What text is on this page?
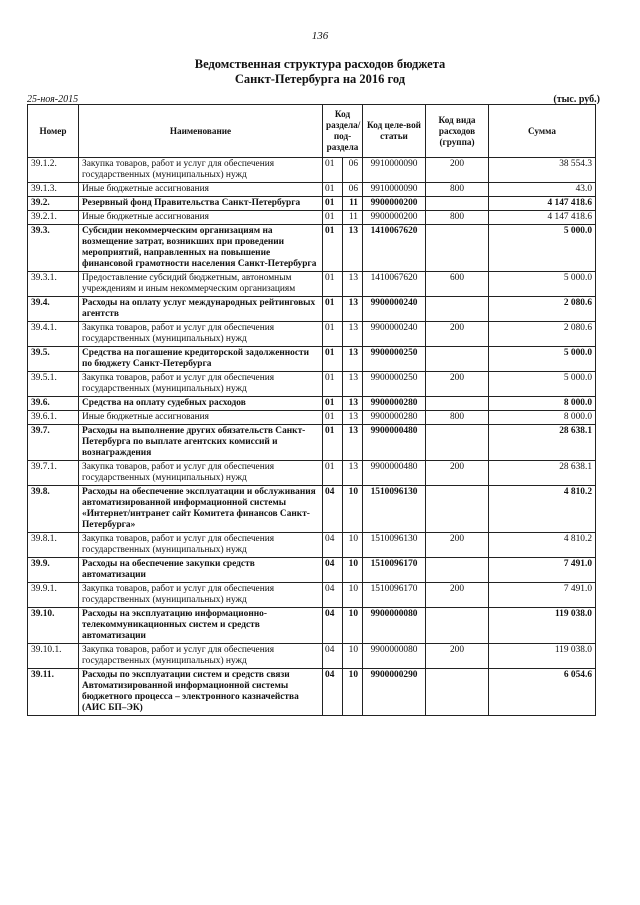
136
Ведомственная структура расходов бюджета
Санкт-Петербурга на 2016 год
25-ноя-2015	(тыс. руб.)
Номер	Наименование	Код раздела/ под-раздела		Код целе-вой статьи	Код вида расходов (группа)	Сумма
39.1.2.	Закупка товаров, работ и услуг для обеспечения государственных (муниципальных) нужд	01	06	9910000090	200	38 554.3
39.1.3.	Иные бюджетные ассигнования	01	06	9910000090	800	43.0
39.2.	Резервный фонд Правительства Санкт-Петербурга	01	11	9900000200		4 147 418.6
39.2.1.	Иные бюджетные ассигнования	01	11	9900000200	800	4 147 418.6
39.3.	Субсидии некоммерческим организациям на возмещение затрат, возникших при проведении мероприятий, направленных на повышение финансовой грамотности населения Санкт-Петербурга	01	13	1410067620		5 000.0
39.3.1.	Предоставление субсидий бюджетным, автономным учреждениям и иным некоммерческим организациям	01	13	1410067620	600	5 000.0
39.4.	Расходы на оплату услуг международных рейтинговых агентств	01	13	9900000240		2 080.6
39.4.1.	Закупка товаров, работ и услуг для обеспечения государственных (муниципальных) нужд	01	13	9900000240	200	2 080.6
39.5.	Средства на погашение кредиторской задолженности по бюджету Санкт-Петербурга	01	13	9900000250		5 000.0
39.5.1.	Закупка товаров, работ и услуг для обеспечения государственных (муниципальных) нужд	01	13	9900000250	200	5 000.0
39.6.	Средства на оплату судебных расходов	01	13	9900000280		8 000.0
39.6.1.	Иные бюджетные ассигнования	01	13	9900000280	800	8 000.0
39.7.	Расходы на выполнение других обязательств Санкт-Петербурга по выплате агентских комиссий и вознаграждения	01	13	9900000480		28 638.1
39.7.1.	Закупка товаров, работ и услуг для обеспечения государственных (муниципальных) нужд	01	13	9900000480	200	28 638.1
39.8.	Расходы на обеспечение эксплуатации и обслуживания автоматизированной информационной системы «Интернет/интранет сайт Комитета финансов Санкт-Петербурга»	04	10	1510096130		4 810.2
39.8.1.	Закупка товаров, работ и услуг для обеспечения государственных (муниципальных) нужд	04	10	1510096130	200	4 810.2
39.9.	Расходы на обеспечение закупки средств автоматизации	04	10	1510096170		7 491.0
39.9.1.	Закупка товаров, работ и услуг для обеспечения государственных (муниципальных) нужд	04	10	1510096170	200	7 491.0
39.10.	Расходы на эксплуатацию информационно-телекоммуникационных систем и средств автоматизации	04	10	9900000080		119 038.0
39.10.1.	Закупка товаров, работ и услуг для обеспечения государственных (муниципальных) нужд	04	10	9900000080	200	119 038.0
39.11.	Расходы по эксплуатации систем и средств связи Автоматизированной информационной системы бюджетного процесса – электронного казначейства (АИС БП–ЭК)	04	10	9900000290		6 054.6
